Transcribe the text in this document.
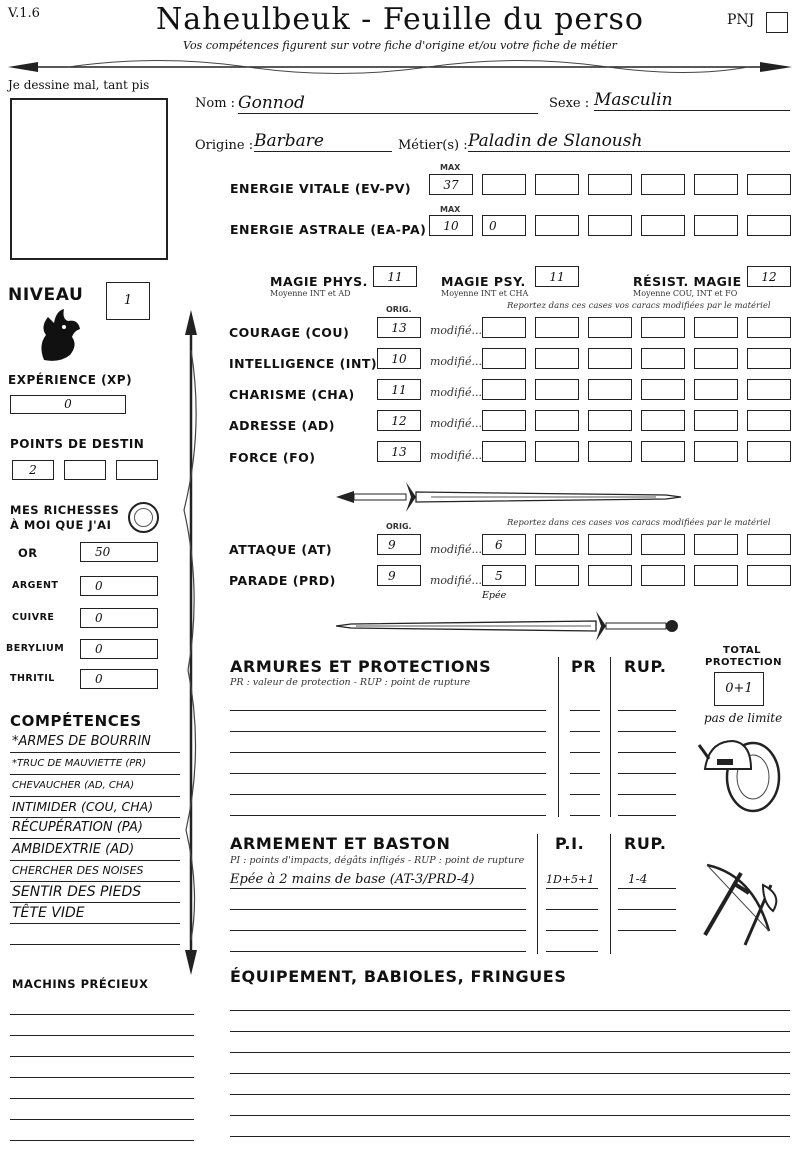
V.1.6	Naheulbeuk - Feuille du perso
Vos compétences figurent sur votre fiche d'origine et/ou votre fiche de métier
PNJ
Je dessine mal, tant pis
Nom : Gonnod	Sexe : Masculin
Origine : Barbare	Métier(s) : Paladin de Slanoush
MAX
ENERGIE VITALE (EV-PV)	37
MAX
ENERGIE ASTRALE (EA-PA)	10	0
MAGIE PHYS.	11
Moyenne INT et AD
MAGIE PSY.	11
Moyenne INT et CHA
RÉSIST. MAGIE	12
Moyenne COU, INT et FO
NIVEAU	1
EXPÉRIENCE (XP)
0
POINTS DE DESTIN
2
MES RICHESSES
À MOI QUE J'AI
OR	50
ARGENT	0
CUIVRE	0
BERYLIUM	0
THRITIL	0
COMPÉTENCES
*ARMES DE BOURRIN
*TRUC DE MAUVIETTE (PR)
CHEVAUCHER (AD, CHA)
INTIMIDER (COU, CHA)
RÉCUPÉRATION (PA)
AMBIDEXTRIE (AD)
CHERCHER DES NOISES
SENTIR DES PIEDS
TÊTE VIDE
MACHINS PRÉCIEUX
ORIG.	Reportez dans ces cases vos caracs modifiées par le matériel
COURAGE (COU)	13	modifié...
INTELLIGENCE (INT)	10	modifié...
CHARISME (CHA)	11	modifié...
ADRESSE (AD)	12	modifié...
FORCE (FO)	13	modifié...
ORIG.	Reportez dans ces cases vos caracs modifiées par le matériel
ATTAQUE (AT)	9	modifié...	6
PARADE (PRD)	9	modifié...	5
Epée
ARMURES ET PROTECTIONS
PR : valeur de protection - RUP : point de rupture
PR RUP.
TOTAL
PROTECTION
0+1
pas de limite
ARMEMENT ET BASTON
PI : points d'impacts, dégâts infligés - RUP : point de rupture
P.I. RUP.
Epée à 2 mains de base (AT-3/PRD-4)	1D+5+1	1-4
ÉQUIPEMENT, BABIOLES, FRINGUES
